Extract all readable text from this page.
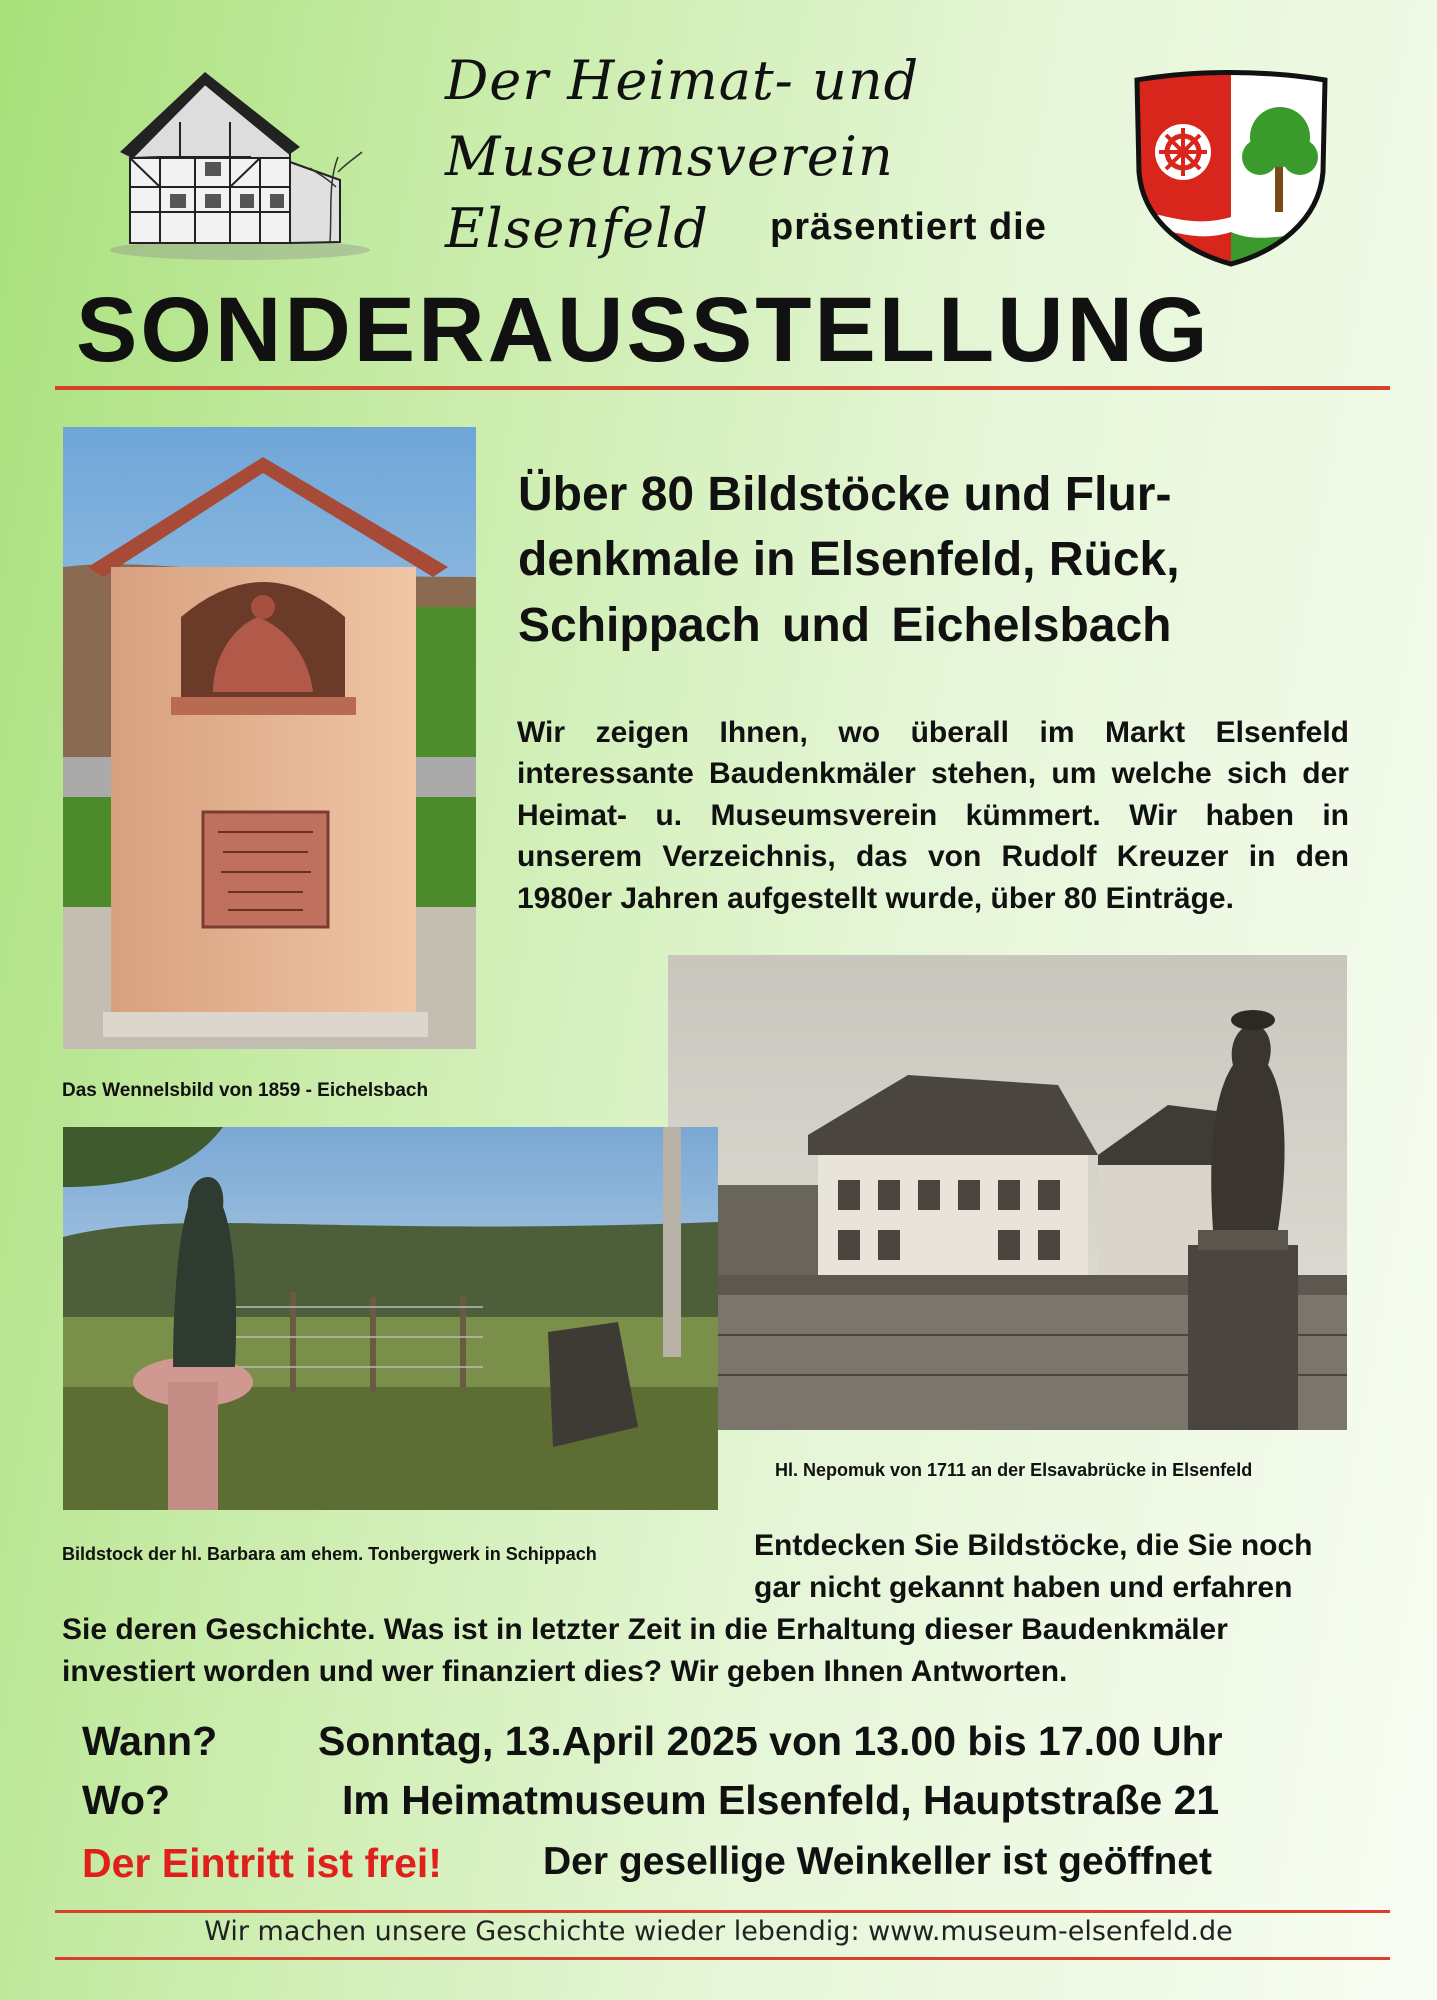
Der Heimat- und
Museumsverein
Elsenfeld präsentiert die
SONDERAUSSTELLUNG
Das Wennelsbild von 1859 - Eichelsbach
Über 80 Bildstöcke und Flur-
denkmale in Elsenfeld, Rück,
Schippach und Eichelsbach
Wir zeigen Ihnen, wo überall im Markt Elsenfeld interessante Baudenkmäler stehen, um welche sich der Heimat- u. Museumsverein kümmert. Wir haben in unserem Verzeichnis, das von Rudolf Kreuzer in den 1980er Jahren aufgestellt wurde, über 80 Einträge.
Hl. Nepomuk von 1711 an der Elsavabrücke in Elsenfeld
Bildstock der hl. Barbara am ehem. Tonbergwerk in Schippach	Entdecken Sie Bildstöcke, die Sie noch
gar nicht gekannt haben und erfahren
Sie deren Geschichte. Was ist in letzter Zeit in die Erhaltung dieser Baudenkmäler
investiert worden und wer finanziert dies? Wir geben Ihnen Antworten.
Wann? Sonntag, 13.April 2025 von 13.00 bis 17.00 Uhr
Wo?	Im Heimatmuseum Elsenfeld, Hauptstraße 21
Der Eintritt ist frei!	Der gesellige Weinkeller ist geöffnet
Wir machen unsere Geschichte wieder lebendig: www.museum-elsenfeld.de
